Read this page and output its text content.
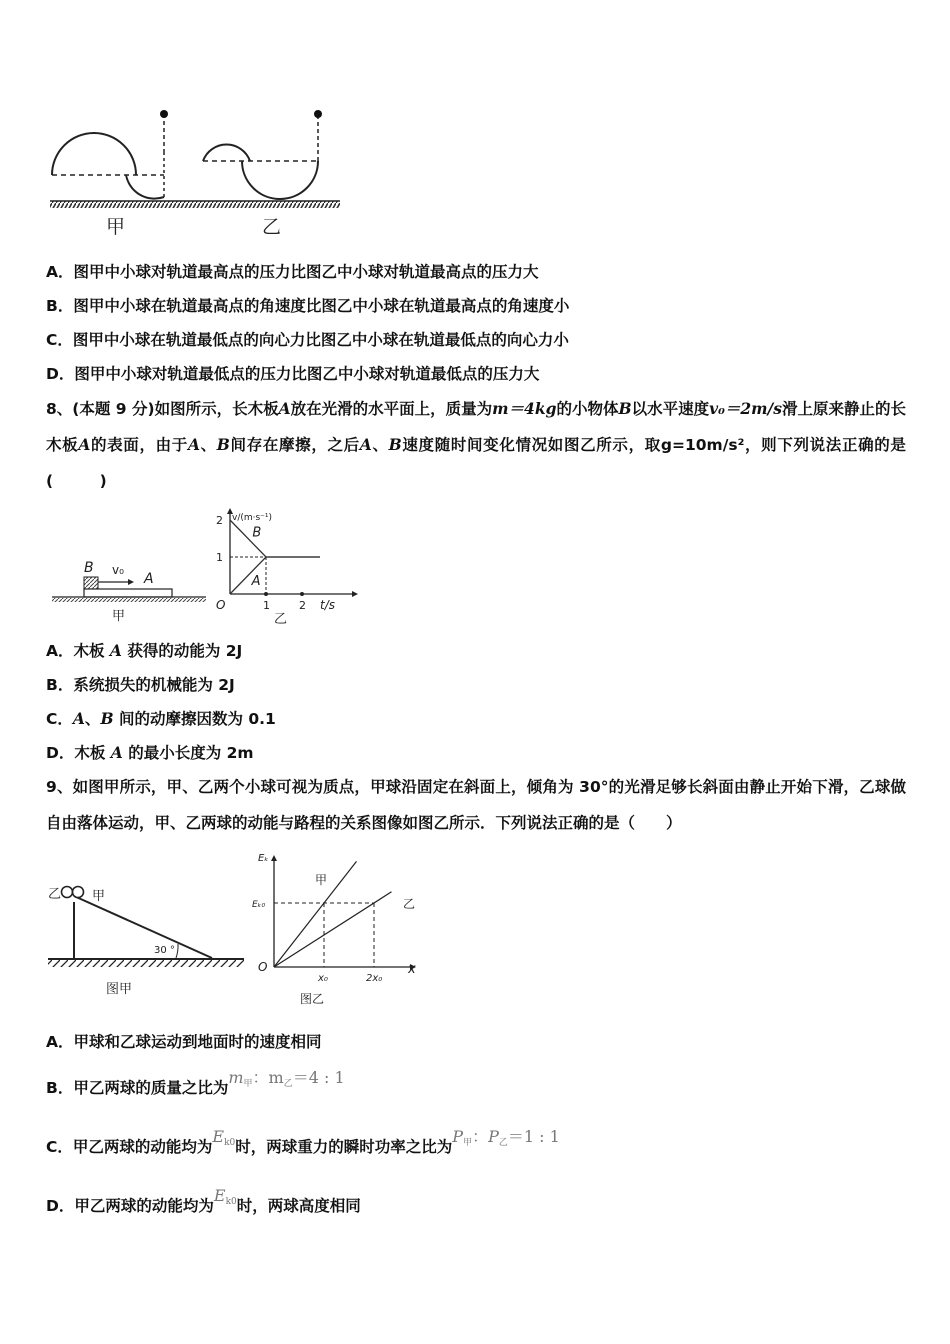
甲	乙
A．图甲中小球对轨道最高点的压力比图乙中小球对轨道最高点的压力大
B．图甲中小球在轨道最高点的角速度比图乙中小球在轨道最高点的角速度小
C．图甲中小球在轨道最低点的向心力比图乙中小球在轨道最低点的向心力小
D．图甲中小球对轨道最低点的压力比图乙中小球对轨道最低点的压力大
8、(本题 9 分)如图所示，长木板A放在光滑的水平面上，质量为m＝4kg的小物体B以水平速度v₀＝2m/s滑上原来静止的长木板A的表面，由于A、B间存在摩擦，之后A、B速度随时间变化情况如图乙所示，取g=10m/s²，则下列说法正确的是(　　　)
B v₀
A
甲
v/(m·s⁻¹)
t/s
O
1
2
1	2
B
A
乙
A．木板 A 获得的动能为 2J
B．系统损失的机械能为 2J
C．A、B 间的动摩擦因数为 0.1
D．木板 A 的最小长度为 2m
9、如图甲所示，甲、乙两个小球可视为质点，甲球沿固定在斜面上，倾角为 30°的光滑足够长斜面由静止开始下滑，乙球做自由落体运动，甲、乙两球的动能与路程的关系图像如图乙所示．下列说法正确的是（　　）
乙 甲
30 °
图甲
Eₖ
x
O
Eₖ₀
x₀	2x₀
甲
乙
图乙
A．甲球和乙球运动到地面时的速度相同
B．甲乙两球的质量之比为$m_甲$：$m_乙=4$ : 1
C．甲乙两球的动能均为$E_{k0}$时，两球重力的瞬时功率之比为$P_甲$：$P_乙=1$ : 1
D．甲乙两球的动能均为$E_{k0}$时，两球高度相同
